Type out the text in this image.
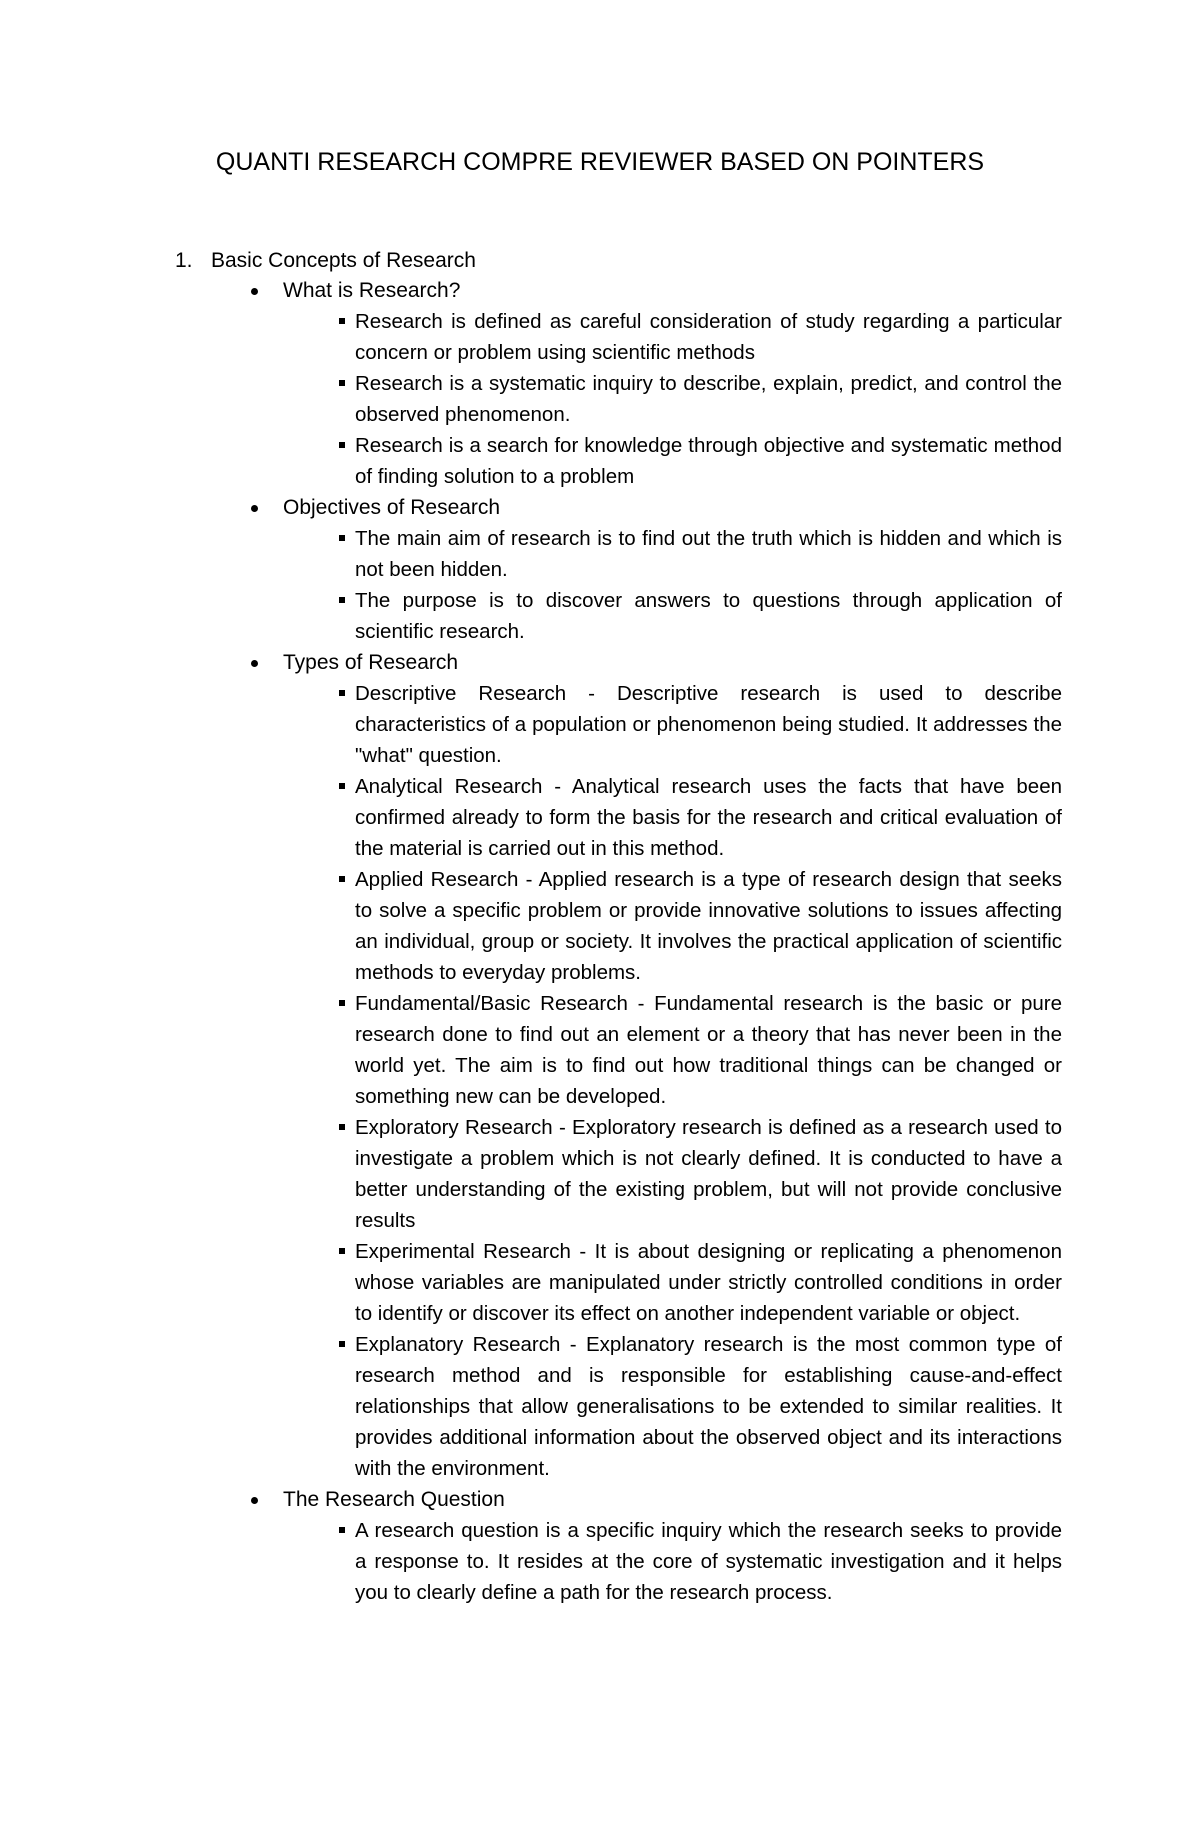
QUANTI RESEARCH COMPRE REVIEWER BASED ON POINTERS
1. Basic Concepts of Research
What is Research?
Research is defined as careful consideration of study regarding a particular concern or problem using scientific methods
Research is a systematic inquiry to describe, explain, predict, and control the observed phenomenon.
Research is a search for knowledge through objective and systematic method of finding solution to a problem
Objectives of Research
The main aim of research is to find out the truth which is hidden and which is not been hidden.
The purpose is to discover answers to questions through application of scientific research.
Types of Research
Descriptive Research - Descriptive research is used to describe characteristics of a population or phenomenon being studied. It addresses the "what" question.
Analytical Research - Analytical research uses the facts that have been confirmed already to form the basis for the research and critical evaluation of the material is carried out in this method.
Applied Research - Applied research is a type of research design that seeks to solve a specific problem or provide innovative solutions to issues affecting an individual, group or society. It involves the practical application of scientific methods to everyday problems.
Fundamental/Basic Research - Fundamental research is the basic or pure research done to find out an element or a theory that has never been in the world yet. The aim is to find out how traditional things can be changed or something new can be developed.
Exploratory Research - Exploratory research is defined as a research used to investigate a problem which is not clearly defined. It is conducted to have a better understanding of the existing problem, but will not provide conclusive results
Experimental Research - It is about designing or replicating a phenomenon whose variables are manipulated under strictly controlled conditions in order to identify or discover its effect on another independent variable or object.
Explanatory Research - Explanatory research is the most common type of research method and is responsible for establishing cause-and-effect relationships that allow generalisations to be extended to similar realities. It provides additional information about the observed object and its interactions with the environment.
The Research Question
A research question is a specific inquiry which the research seeks to provide a response to. It resides at the core of systematic investigation and it helps you to clearly define a path for the research process.
